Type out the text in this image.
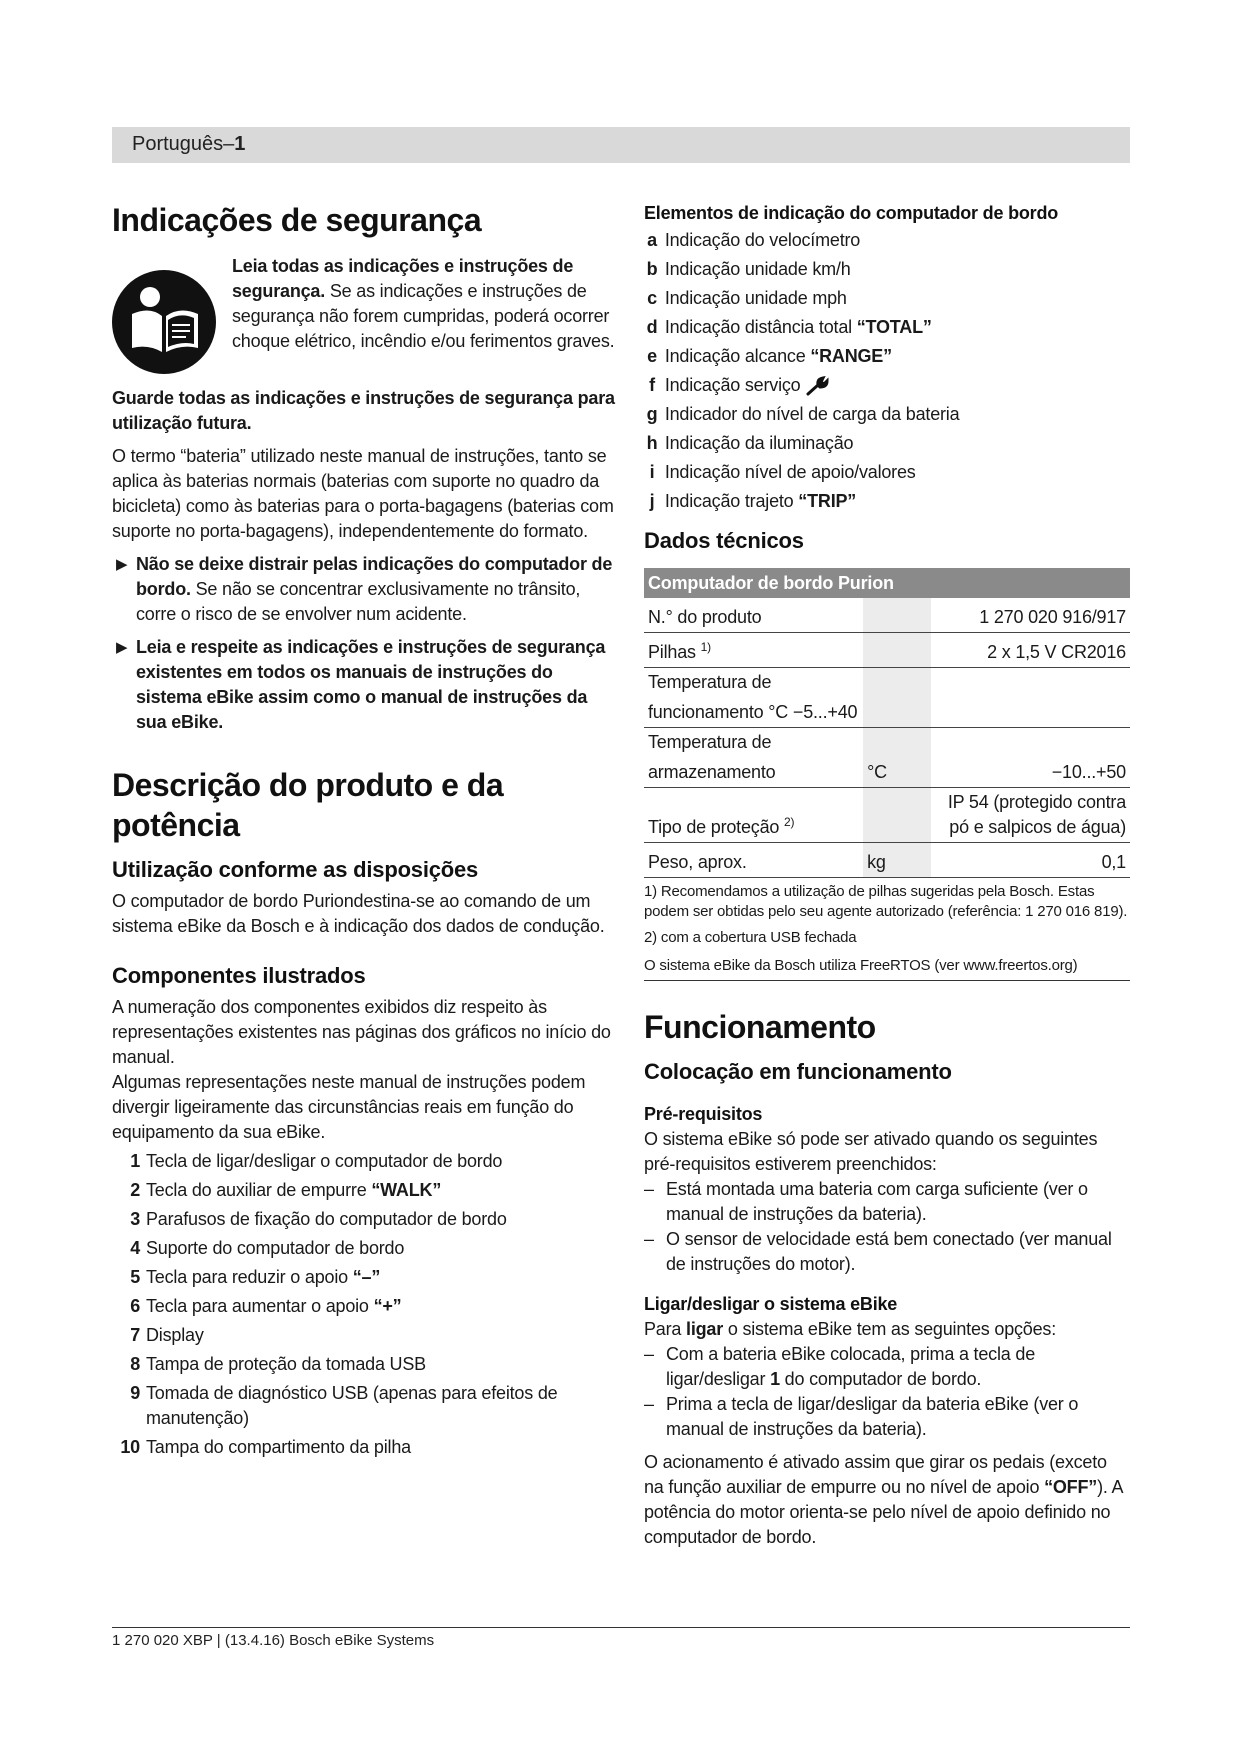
Português–1
Indicações de segurança

Leia todas as indicações e instruções de segurança. Se as indicações e instruções de segurança não forem cumpridas, poderá ocorrer choque elétrico, incêndio e/ou ferimentos graves.

Guarde todas as indicações e instruções de segurança para utilização futura.

O termo “bateria” utilizado neste manual de instruções, tanto se aplica às baterias normais (baterias com suporte no quadro da bicicleta) como às baterias para o porta-bagagens (baterias com suporte no porta-bagagens), independentemente do formato.

▶ Não se deixe distrair pelas indicações do computador de bordo. Se não se concentrar exclusivamente no trânsito, corre o risco de se envolver num acidente.

▶ Leia e respeite as indicações e instruções de segurança existentes em todos os manuais de instruções do sistema eBike assim como o manual de instruções da sua eBike.

Descrição do produto e da potência
Utilização conforme as disposições

O computador de bordo Puriondestina-se ao comando de um sistema eBike da Bosch e à indicação dos dados de condução.

Componentes ilustrados

A numeração dos componentes exibidos diz respeito às representações existentes nas páginas dos gráficos no início do manual.

Algumas representações neste manual de instruções podem divergir ligeiramente das circunstâncias reais em função do equipamento da sua eBike.

1 Tecla de ligar/desligar o computador de bordo
2 Tecla do auxiliar de empurre “WALK”
3 Parafusos de fixação do computador de bordo
4 Suporte do computador de bordo
5 Tecla para reduzir o apoio “–”
6 Tecla para aumentar o apoio “+”
7 Display
8 Tampa de proteção da tomada USB
9 Tomada de diagnóstico USB (apenas para efeitos de manutenção)
10 Tampa do compartimento da pilha
Elementos de indicação do computador de bordo
a Indicação do velocímetro
b Indicação unidade km/h
c Indicação unidade mph
d Indicação distância total “TOTAL”
e Indicação alcance “RANGE”
f Indicação serviço
g Indicador do nível de carga da bateria
h Indicação da iluminação
i Indicação nível de apoio/valores
j Indicação trajeto “TRIP”
Dados técnicos
Computador de bordo Purion		
N.° do produto		1 270 020 916/917
Pilhas $^{1)}$		2 x 1,5 V CR2016
Temperatura de funcionamento °C −5...+40		
Temperatura de armazenamento	°C	−10...+50
Tipo de proteção $^{2)}$		IP 54 (protegido contra pó e salpicos de água)
Peso, aprox.	kg	0,1

1) Recomendamos a utilização de pilhas sugeridas pela Bosch. Estas podem ser obtidas pelo seu agente autorizado (referência: 1 270 016 819).

2) com a cobertura USB fechada

O sistema eBike da Bosch utiliza FreeRTOS (ver www.freertos.org)

Funcionamento
Colocação em funcionamento
Pré-requisitos

O sistema eBike só pode ser ativado quando os seguintes pré-requisitos estiverem preenchidos:

– Está montada uma bateria com carga suficiente (ver o manual de instruções da bateria).
– O sensor de velocidade está bem conectado (ver manual de instruções do motor).
Ligar/desligar o sistema eBike

Para ligar o sistema eBike tem as seguintes opções:

– Com a bateria eBike colocada, prima a tecla de ligar/desligar 1 do computador de bordo.
– Prima a tecla de ligar/desligar da bateria eBike (ver o manual de instruções da bateria).

O acionamento é ativado assim que girar os pedais (exceto na função auxiliar de empurre ou no nível de apoio “OFF”). A potência do motor orienta-se pelo nível de apoio definido no computador de bordo.

1 270 020 XBP | (13.4.16) Bosch eBike Systems
